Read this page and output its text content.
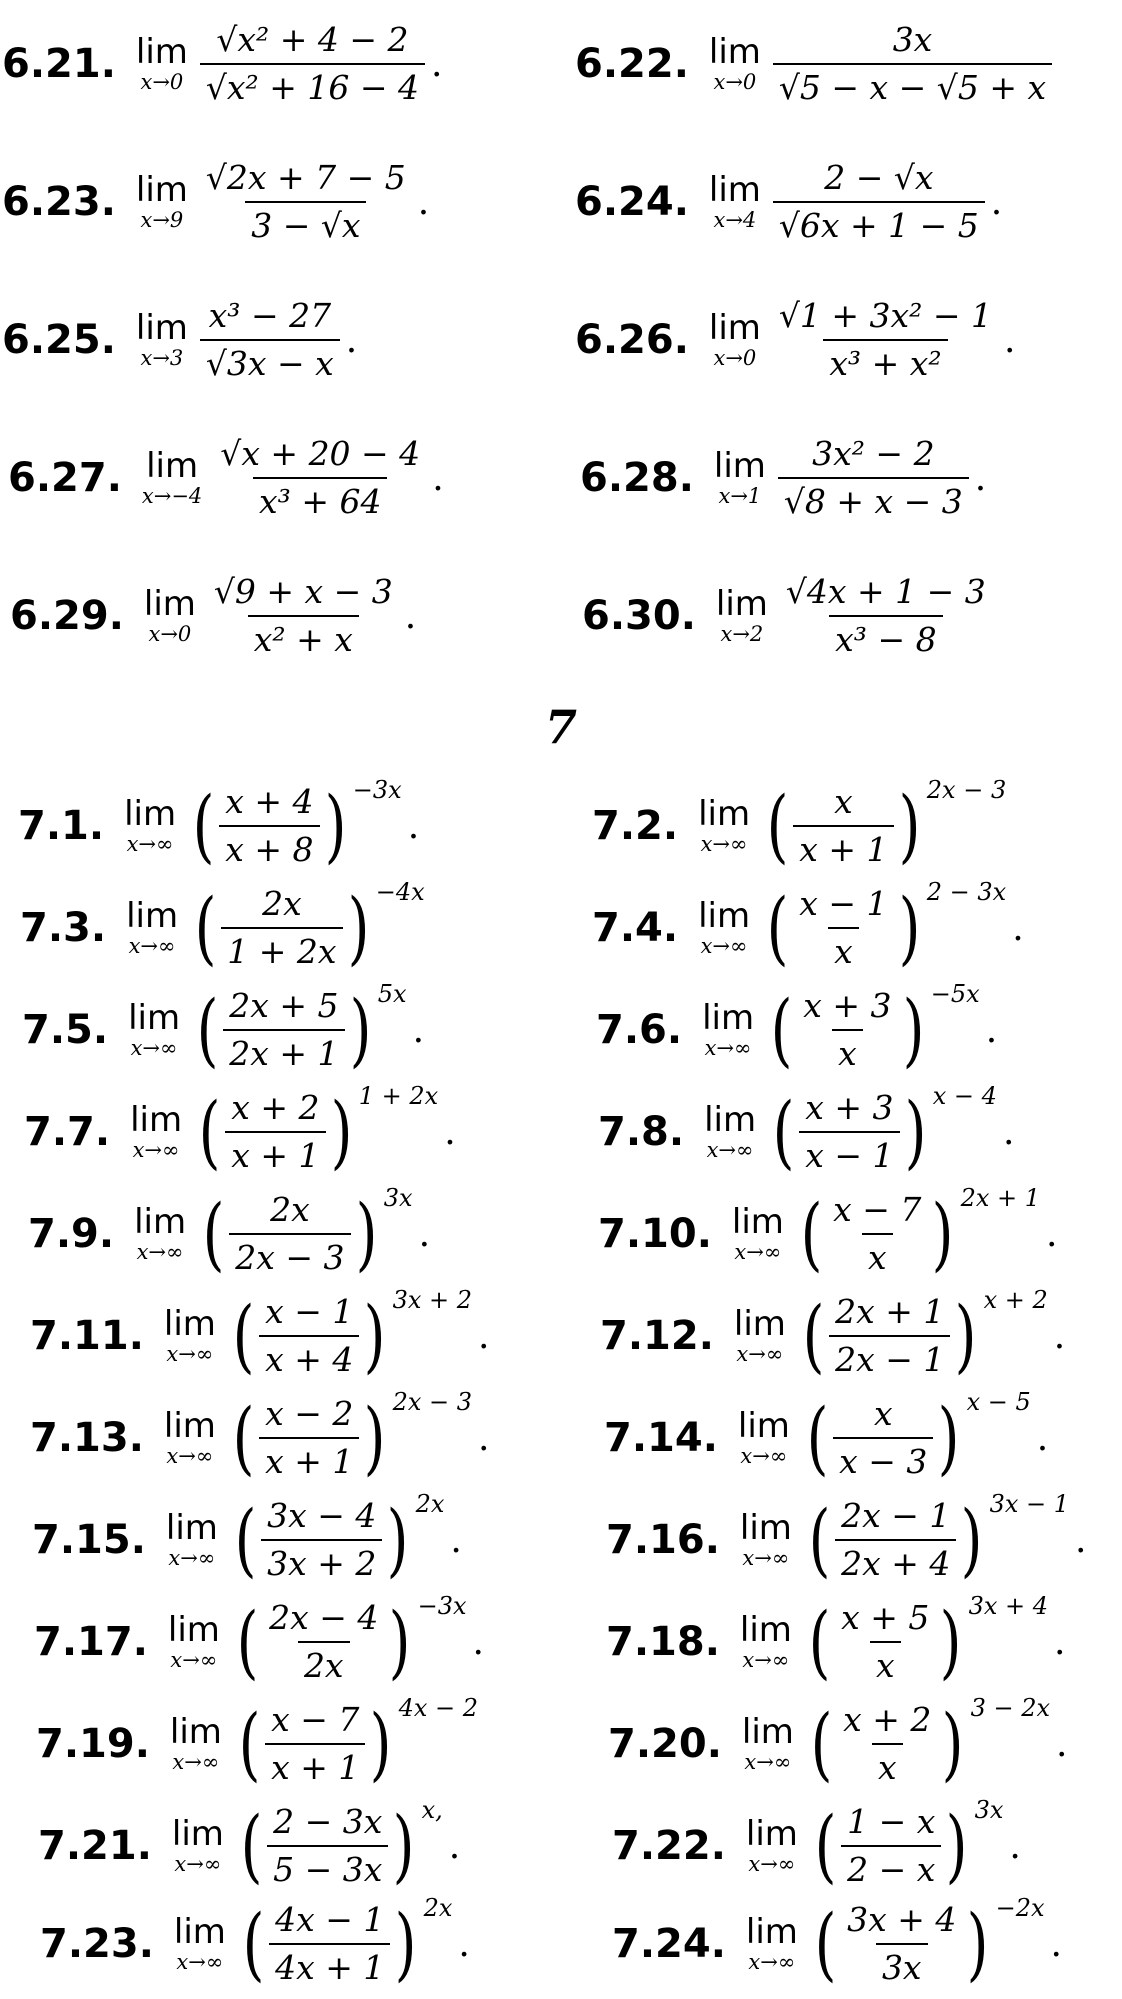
6.21. lim
$x\to 0 \frac{\text{√x² + 4 − 2}}{\text{√x² + 16 − 4}}$ .	6.22. lim
$x\to 0 \frac{3x}{√5 - x - √5 + x}$
6.23. lim
$x\to 9 \frac{√2x + 7 - 5}{3 - √x}$ .	6.24. lim
$x\to 4 \frac{2 - √x}{√6x + 1 - 5}$ .
6.25. lim
$x\to 3 \frac{\text{x³ − 27}}{√3x - x}$ .	6.26. lim
$x\to 0 \frac{\text{√1 + 3x² − 1}}{\text{x³ + x²}}$ .
6.27. lim
$x\to-4 \frac{√x + 20 - 4}{\text{x³ + 64}}$ .	6.28. lim
$x\to 1 \frac{\text{3x² − 2}}{√8 + x - 3}$ .
6.29. lim
$x\to 0 \frac{√9 + x - 3}{\text{x² + x}}$ .	6.30. lim
$x\to 2 \frac{√4x + 1 - 3}{\text{x³ − 8}}$
7
7.1. lim
x→∞ ( $\frac{x + 4}{x + 8}$ ) −3x
.	7.2. lim
x→∞ ( $\frac{x}{x + 1}$ ) 2x − 3
7.3. lim
x→∞ ( $\frac{2x}{1 + 2x}$ ) −4x
7.4. lim
x→∞ ( $\frac{x - 1}{x}$ ) 2 − 3x
.
7.5. lim
x→∞ ( $\frac{2x + 5}{2x + 1}$ ) 5x
.	7.6. lim
x→∞ ( $\frac{x + 3}{x}$ ) −5x
.
7.7. lim
x→∞ ( $\frac{x + 2}{x + 1}$ ) 1 + 2x
.	7.8. lim
x→∞ ( $\frac{x + 3}{x - 1}$ ) x − 4
.
7.9. lim
x→∞ ( $\frac{2x}{2x - 3}$ ) 3x
.	7.10. lim
x→∞ ( $\frac{x - 7}{x}$ ) 2x + 1
.
7.11. lim
x→∞ ( $\frac{x - 1}{x + 4}$ ) 3x + 2
.	7.12. lim
x→∞ ( $\frac{2x + 1}{2x - 1}$ ) x + 2
.
7.13. lim
x→∞ ( $\frac{x - 2}{x + 1}$ ) 2x − 3
.	7.14. lim
x→∞ ( $\frac{x}{x - 3}$ ) x − 5
.
7.15. lim
x→∞ ( $\frac{3x - 4}{3x + 2}$ ) 2x
.	7.16. lim
x→∞ ( $\frac{2x - 1}{2x + 4}$ ) 3x − 1
.
7.17. lim
x→∞ ( $\frac{2x - 4}{2x}$ ) −3x
.	7.18. lim
x→∞ ( $\frac{x + 5}{x}$ ) 3x + 4
.
7.19. lim
x→∞ ( $\frac{x - 7}{x + 1}$ ) 4x − 2
7.20. lim
x→∞ ( $\frac{x + 2}{x}$ ) 3 − 2x
.
7.21. lim
x→∞ ( $\frac{2 - 3x}{5 - 3x}$ ) x,
.	7.22. lim
x→∞ ( $\frac{1 - x}{2 - x}$ ) 3x
.
7.23. lim
x→∞ ( $\frac{4x - 1}{4x + 1}$ ) 2x
.	7.24. lim
x→∞ ( $\frac{3x + 4}{3x}$ ) −2x
.
